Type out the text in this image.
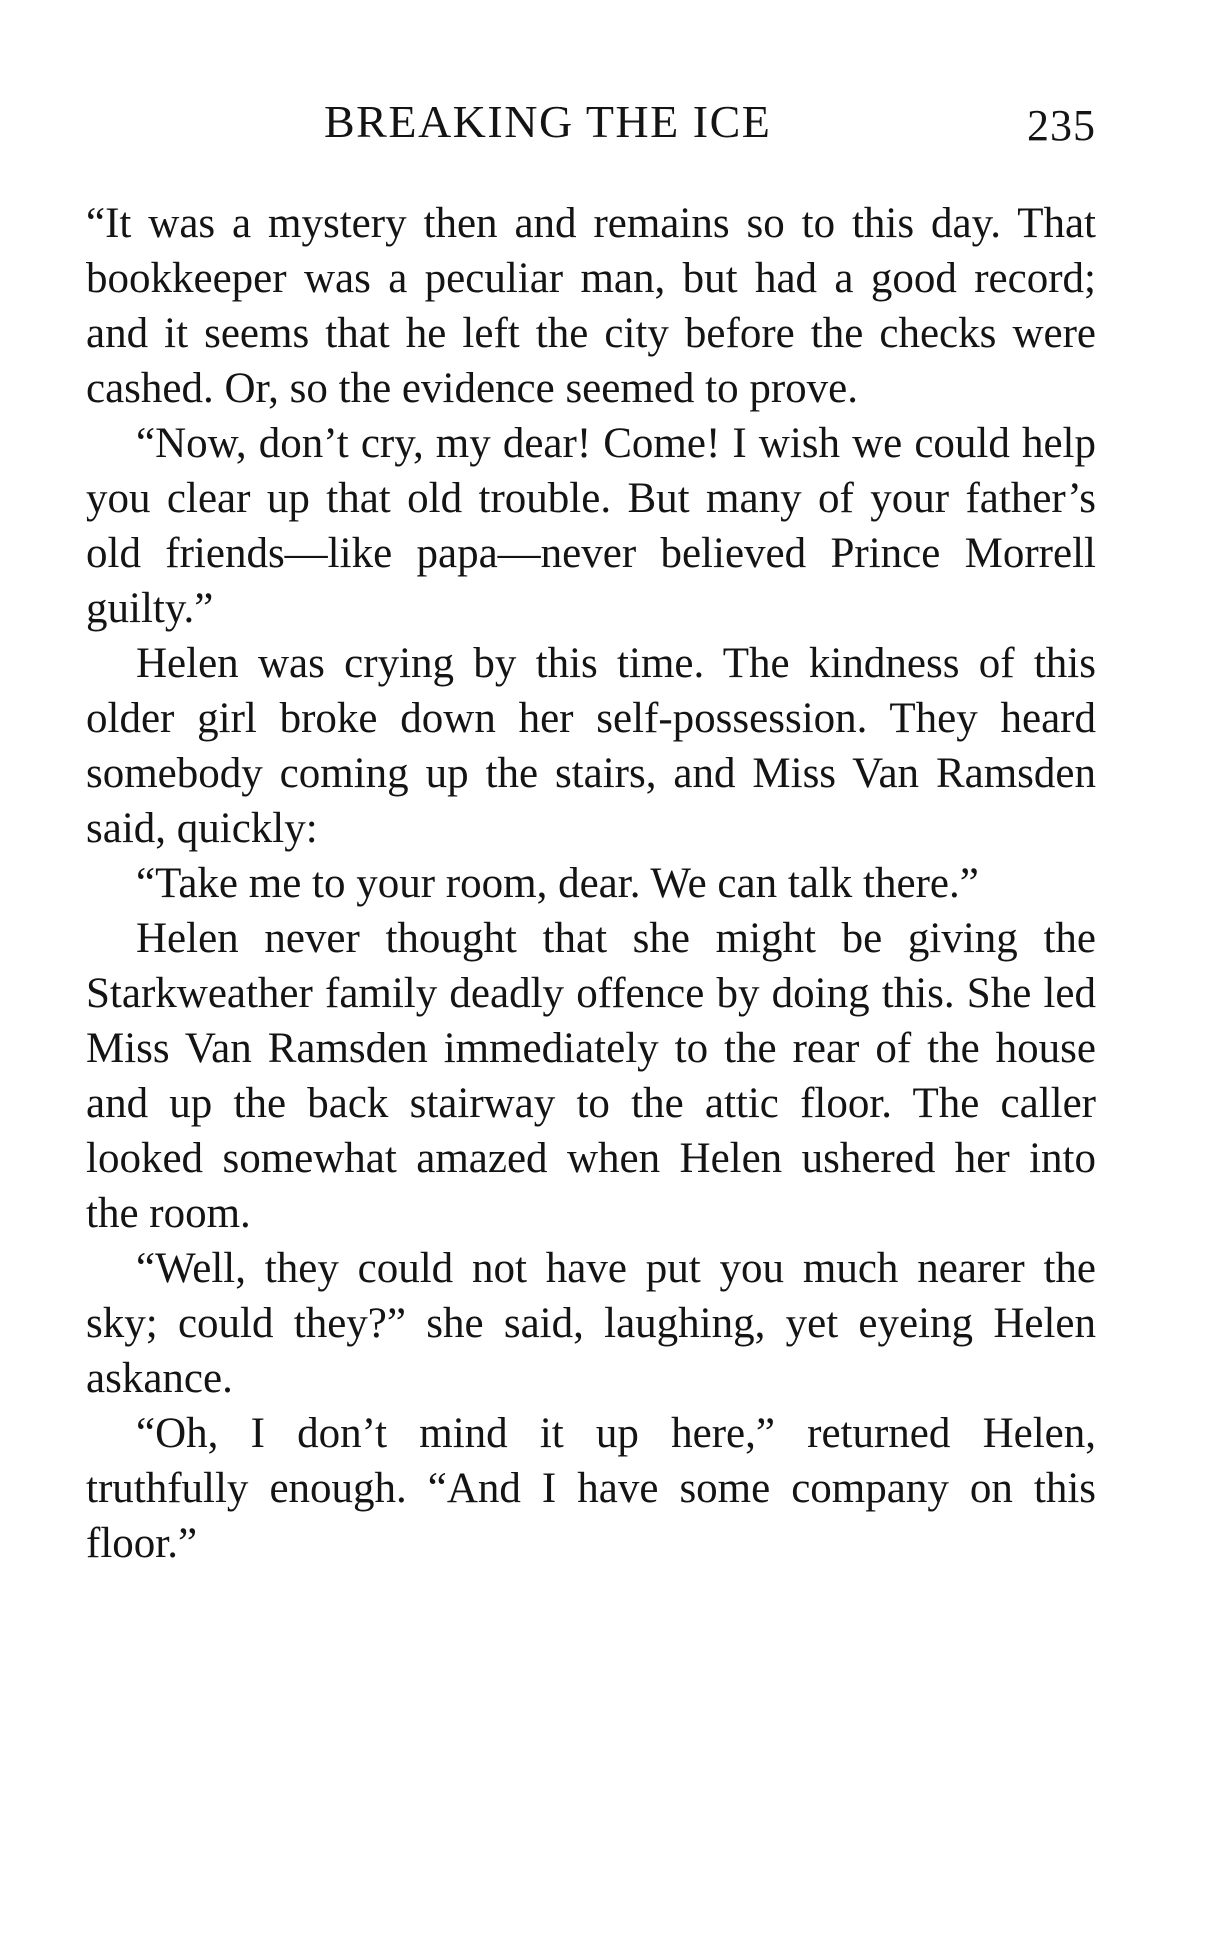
BREAKING THE ICE	235

“It was a mystery then and remains so to this day. That bookkeeper was a peculiar man, but had a good record; and it seems that he left the city before the checks were cashed. Or, so the evidence seemed to prove.

“Now, don’t cry, my dear! Come! I wish we could help you clear up that old trouble. But many of your father’s old friends—like papa—never believed Prince Morrell guilty.”

Helen was crying by this time. The kindness of this older girl broke down her self-possession. They heard somebody coming up the stairs, and Miss Van Ramsden said, quickly:

“Take me to your room, dear. We can talk there.”

Helen never thought that she might be giving the Starkweather family deadly offence by doing this. She led Miss Van Ramsden immediately to the rear of the house and up the back stairway to the attic floor. The caller looked somewhat amazed when Helen ushered her into the room.

“Well, they could not have put you much nearer the sky; could they?” she said, laughing, yet eyeing Helen askance.

“Oh, I don’t mind it up here,” returned Helen, truthfully enough. “And I have some company on this floor.”
